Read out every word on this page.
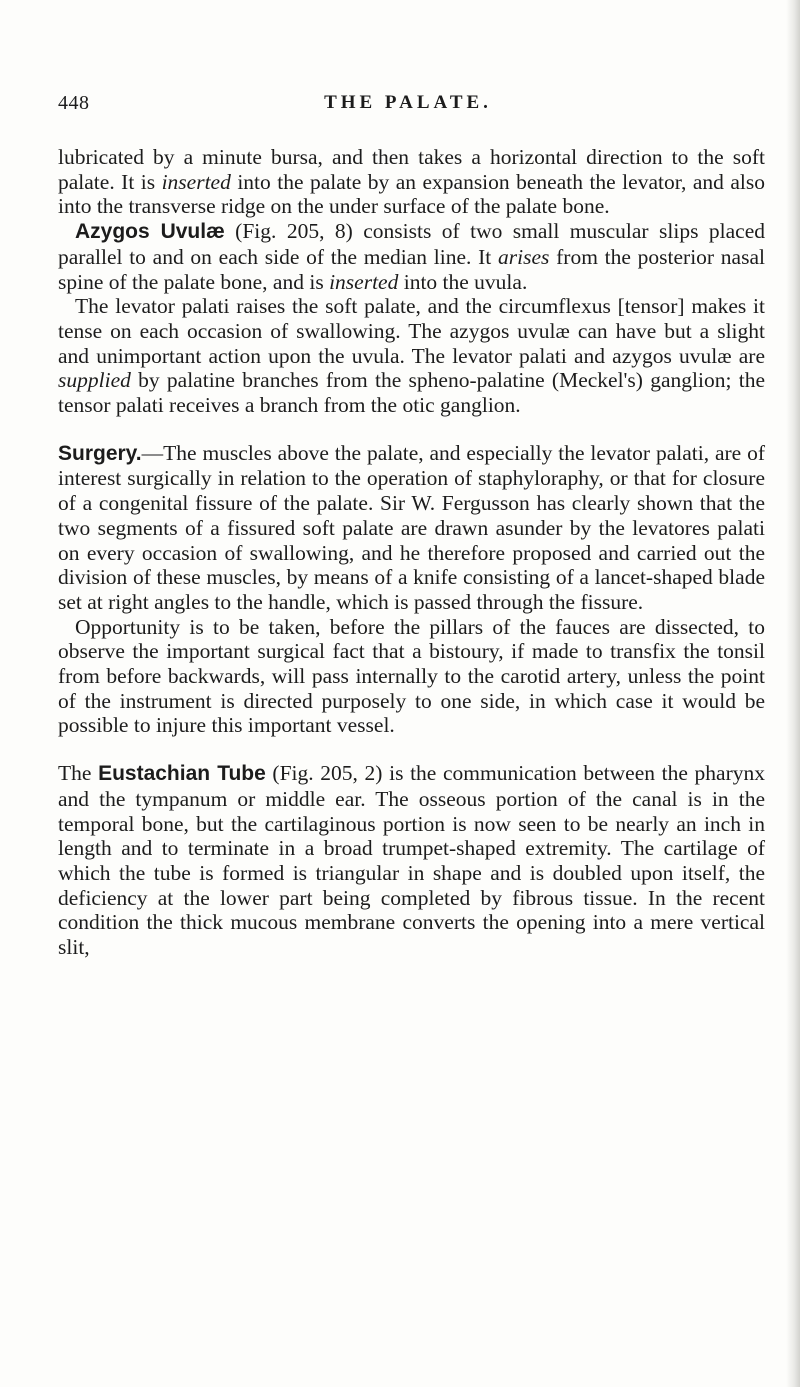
448	THE PALATE.

lubricated by a minute bursa, and then takes a horizontal direction to the soft palate. It is inserted into the palate by an expansion beneath the levator, and also into the transverse ridge on the under surface of the palate bone.

Azygos Uvulæ (Fig. 205, 8) consists of two small muscular slips placed parallel to and on each side of the median line. It arises from the posterior nasal spine of the palate bone, and is inserted into the uvula.

The levator palati raises the soft palate, and the circumflexus [tensor] makes it tense on each occasion of swallowing. The azygos uvulæ can have but a slight and unimportant action upon the uvula. The levator palati and azygos uvulæ are supplied by palatine branches from the spheno-palatine (Meckel's) ganglion; the tensor palati receives a branch from the otic ganglion.

Surgery.—The muscles above the palate, and especially the levator palati, are of interest surgically in relation to the operation of staphyloraphy, or that for closure of a congenital fissure of the palate. Sir W. Fergusson has clearly shown that the two segments of a fissured soft palate are drawn asunder by the levatores palati on every occasion of swallowing, and he therefore proposed and carried out the division of these muscles, by means of a knife consisting of a lancet-shaped blade set at right angles to the handle, which is passed through the fissure.

Opportunity is to be taken, before the pillars of the fauces are dissected, to observe the important surgical fact that a bistoury, if made to transfix the tonsil from before backwards, will pass internally to the carotid artery, unless the point of the instrument is directed purposely to one side, in which case it would be possible to injure this important vessel.

The Eustachian Tube (Fig. 205, 2) is the communication between the pharynx and the tympanum or middle ear. The osseous portion of the canal is in the temporal bone, but the cartilaginous portion is now seen to be nearly an inch in length and to terminate in a broad trumpet-shaped extremity. The cartilage of which the tube is formed is triangular in shape and is doubled upon itself, the deficiency at the lower part being completed by fibrous tissue. In the recent condition the thick mucous membrane converts the opening into a mere vertical slit,
